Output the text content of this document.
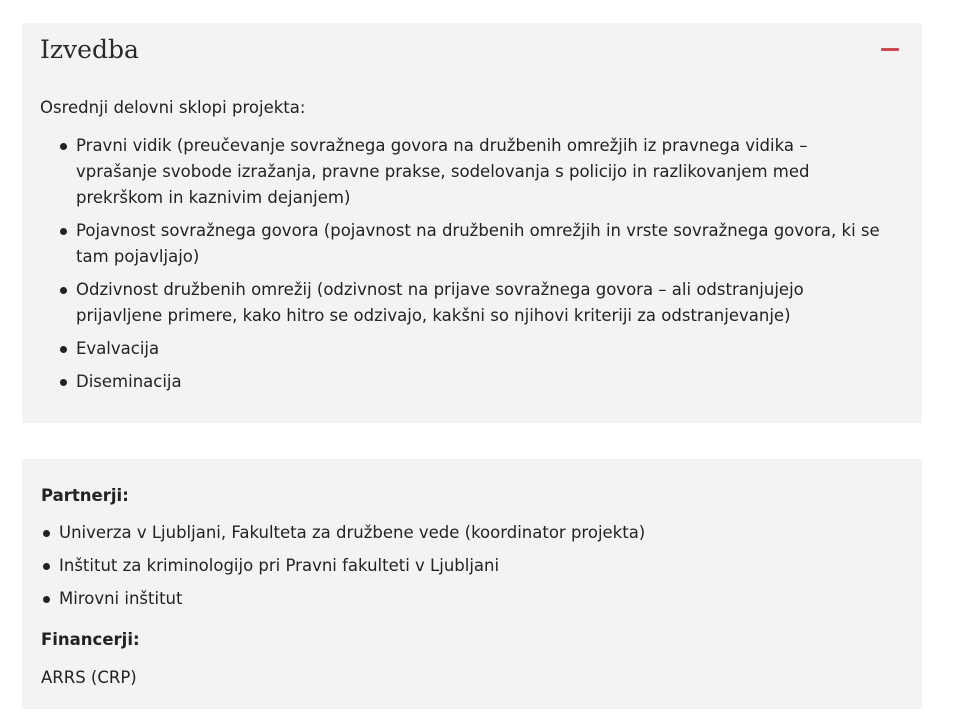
Izvedba

Osrednji delovni sklopi projekta:

Pravni vidik (preučevanje sovražnega govora na družbenih omrežjih iz pravnega vidika – vprašanje svobode izražanja, pravne prakse, sodelovanja s policijo in razlikovanjem med prekrškom in kaznivim dejanjem)
Pojavnost sovražnega govora (pojavnost na družbenih omrežjih in vrste sovražnega govora, ki se tam pojavljajo)
Odzivnost družbenih omrežij (odzivnost na prijave sovražnega govora – ali odstranjujejo prijavljene primere, kako hitro se odzivajo, kakšni so njihovi kriteriji za odstranjevanje)
Evalvacija
Diseminacija

Partnerji:

Univerza v Ljubljani, Fakulteta za družbene vede (koordinator projekta)
Inštitut za kriminologijo pri Pravni fakulteti v Ljubljani
Mirovni inštitut

Financerji:

ARRS (CRP)
